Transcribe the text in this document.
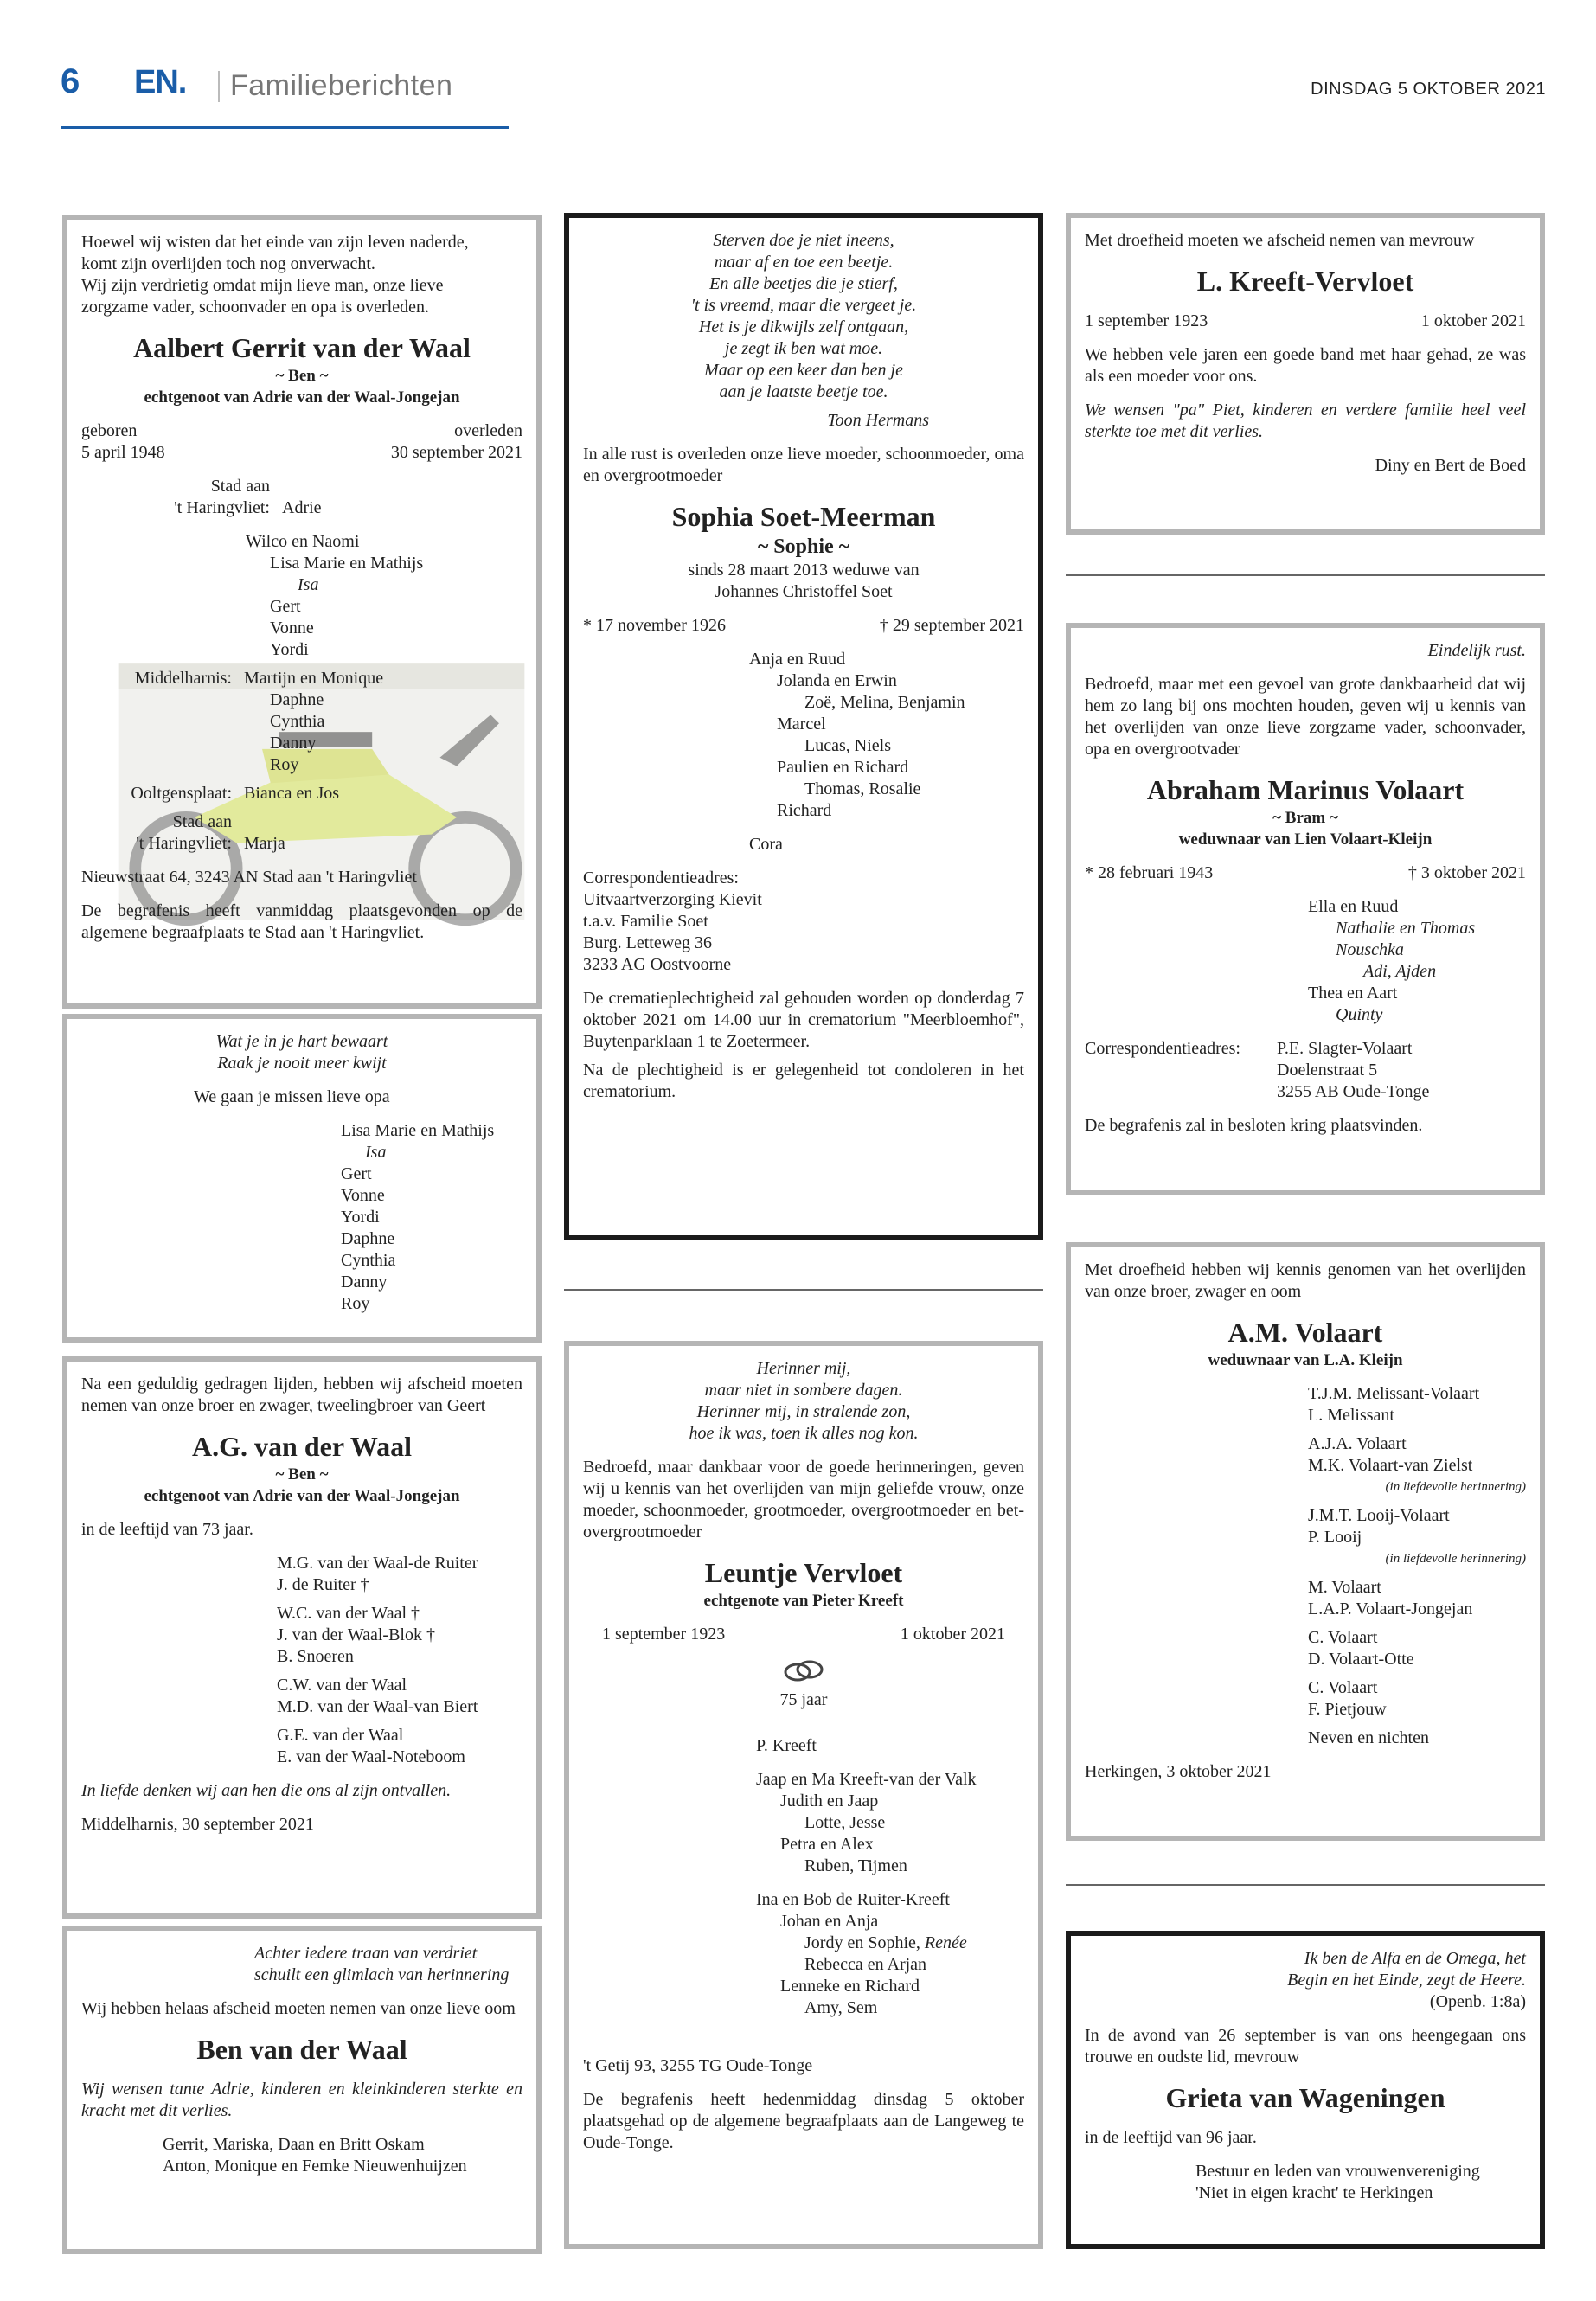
6 EN. Familieberichten	DINSDAG 5 OKTOBER 2021

Hoewel wij wisten dat het einde van zijn leven naderde,

komt zijn overlijden toch nog onverwacht.

Wij zijn verdrietig omdat mijn lieve man, onze lieve

zorgzame vader, schoonvader en opa is overleden.

Aalbert Gerrit van der Waal

~ Ben ~

echtgenoot van Adrie van der Waal-Jongejan

geboren	overleden
5 april 1948	30 september 2021
Stad aan
't Haringvliet: Adrie

Wilco en Naomi

Lisa Marie en Mathijs

Isa

Gert

Vonne

Yordi

Middelharnis: Martijn en Monique

Daphne

Cynthia

Danny

Roy

Ooltgensplaat: Bianca en Jos
Stad aan
't Haringvliet: Marja

Nieuwstraat 64, 3243 AN Stad aan 't Haringvliet

De begrafenis heeft vanmiddag plaatsgevonden op de algemene begraafplaats te Stad aan 't Haringvliet.

Wat je in je hart bewaart

Raak je nooit meer kwijt

We gaan je missen lieve opa

Lisa Marie en Mathijs

Isa

Gert

Vonne

Yordi

Daphne

Cynthia

Danny

Roy

Na een geduldig gedragen lijden, hebben wij afscheid moeten nemen van onze broer en zwager, tweelingbroer van Geert

A.G. van der Waal

~ Ben ~

echtgenoot van Adrie van der Waal-Jongejan

in de leeftijd van 73 jaar.

M.G. van der Waal-de Ruiter

J. de Ruiter †

W.C. van der Waal †

J. van der Waal-Blok †

B. Snoeren

C.W. van der Waal

M.D. van der Waal-van Biert

G.E. van der Waal

E. van der Waal-Noteboom

In liefde denken wij aan hen die ons al zijn ontvallen.

Middelharnis, 30 september 2021

Achter iedere traan van verdriet

schuilt een glimlach van herinnering

Wij hebben helaas afscheid moeten nemen van onze lieve oom

Ben van der Waal

Wij wensen tante Adrie, kinderen en kleinkinderen sterkte en kracht met dit verlies.

Gerrit, Mariska, Daan en Britt Oskam

Anton, Monique en Femke Nieuwenhuijzen

Sterven doe je niet ineens,

maar af en toe een beetje.

En alle beetjes die je stierf,

't is vreemd, maar die vergeet je.

Het is je dikwijls zelf ontgaan,

je zegt ik ben wat moe.

Maar op een keer dan ben je

aan je laatste beetje toe.

Toon Hermans

In alle rust is overleden onze lieve moeder, schoonmoeder, oma en overgrootmoeder

Sophia Soet-Meerman

~ Sophie ~

sinds 28 maart 2013 weduwe van

Johannes Christoffel Soet

* 17 november 1926	† 29 september 2021

Anja en Ruud

Jolanda en Erwin

Zoë, Melina, Benjamin

Marcel

Lucas, Niels

Paulien en Richard

Thomas, Rosalie

Richard

Cora

Correspondentieadres:

Uitvaartverzorging Kievit

t.a.v. Familie Soet

Burg. Letteweg 36

3233 AG Oostvoorne

De crematieplechtigheid zal gehouden worden op donderdag 7 oktober 2021 om 14.00 uur in crematorium "Meerbloemhof", Buytenparklaan 1 te Zoetermeer.

Na de plechtigheid is er gelegenheid tot condoleren in het crematorium.

Herinner mij,

maar niet in sombere dagen.

Herinner mij, in stralende zon,

hoe ik was, toen ik alles nog kon.

Bedroefd, maar dankbaar voor de goede herinneringen, geven wij u kennis van het overlijden van mijn geliefde vrouw, onze moeder, schoonmoeder, grootmoeder, overgrootmoeder en bet-overgrootmoeder

Leuntje Vervloet

echtgenote van Pieter Kreeft

1 september 1923	1 oktober 2021

75 jaar

P. Kreeft

Jaap en Ma Kreeft-van der Valk

Judith en Jaap

Lotte, Jesse

Petra en Alex

Ruben, Tijmen

Ina en Bob de Ruiter-Kreeft

Johan en Anja

Jordy en Sophie, Renée

Rebecca en Arjan

Lenneke en Richard

Amy, Sem

't Getij 93, 3255 TG Oude-Tonge

De begrafenis heeft hedenmiddag dinsdag 5 oktober plaatsgehad op de algemene begraafplaats aan de Langeweg te Oude-Tonge.

Met droefheid moeten we afscheid nemen van mevrouw

L. Kreeft-Vervloet

1 september 1923	1 oktober 2021

We hebben vele jaren een goede band met haar gehad, ze was als een moeder voor ons.

We wensen "pa" Piet, kinderen en verdere familie heel veel sterkte toe met dit verlies.

Diny en Bert de Boed

Eindelijk rust.

Bedroefd, maar met een gevoel van grote dankbaarheid dat wij hem zo lang bij ons mochten houden, geven wij u kennis van het overlijden van onze lieve zorgzame vader, schoonvader, opa en overgrootvader

Abraham Marinus Volaart

~ Bram ~

weduwnaar van Lien Volaart-Kleijn

* 28 februari 1943	† 3 oktober 2021

Ella en Ruud

Nathalie en Thomas

Nouschka

Adi, Ajden

Thea en Aart

Quinty

Correspondentieadres:	P.E. Slagter-Volaart

Doelenstraat 5

3255 AB Oude-Tonge

De begrafenis zal in besloten kring plaatsvinden.

Met droefheid hebben wij kennis genomen van het overlijden van onze broer, zwager en oom

A.M. Volaart

weduwnaar van L.A. Kleijn

T.J.M. Melissant-Volaart

L. Melissant

A.J.A. Volaart

M.K. Volaart-van Zielst

(in liefdevolle herinnering)

J.M.T. Looij-Volaart

P. Looij

(in liefdevolle herinnering)

M. Volaart

L.A.P. Volaart-Jongejan

C. Volaart

D. Volaart-Otte

C. Volaart

F. Pietjouw

Neven en nichten

Herkingen, 3 oktober 2021

Ik ben de Alfa en de Omega, het

Begin en het Einde, zegt de Heere.

(Openb. 1:8a)

In de avond van 26 september is van ons heengegaan ons trouwe en oudste lid, mevrouw

Grieta van Wageningen

in de leeftijd van 96 jaar.

Bestuur en leden van vrouwenvereniging

'Niet in eigen kracht' te Herkingen
